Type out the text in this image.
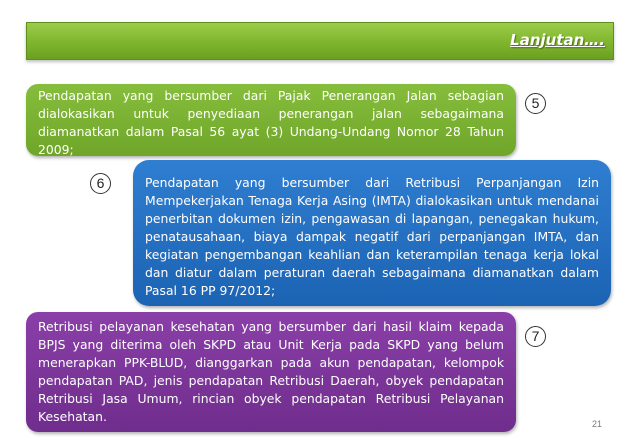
Lanjutan….
Pendapatan yang bersumber dari Pajak Penerangan Jalan sebagian dialokasikan untuk penyediaan penerangan jalan sebagaimana diamanatkan dalam Pasal 56 ayat (3) Undang-Undang Nomor 28 Tahun 2009;
5
6	Pendapatan yang bersumber dari Retribusi Perpanjangan Izin Mempekerjakan Tenaga Kerja Asing (IMTA) dialokasikan untuk mendanai penerbitan dokumen izin, pengawasan di lapangan, penegakan hukum, penatausahaan, biaya dampak negatif dari perpanjangan IMTA, dan kegiatan pengembangan keahlian dan keterampilan tenaga kerja lokal dan diatur dalam peraturan daerah sebagaimana diamanatkan dalam Pasal 16 PP 97/2012;
Retribusi pelayanan kesehatan yang bersumber dari hasil klaim kepada BPJS yang diterima oleh SKPD atau Unit Kerja pada SKPD yang belum menerapkan PPK-BLUD, dianggarkan pada akun pendapatan, kelompok pendapatan PAD, jenis pendapatan Retribusi Daerah, obyek pendapatan Retribusi Jasa Umum, rincian obyek pendapatan Retribusi Pelayanan Kesehatan.
7
21
